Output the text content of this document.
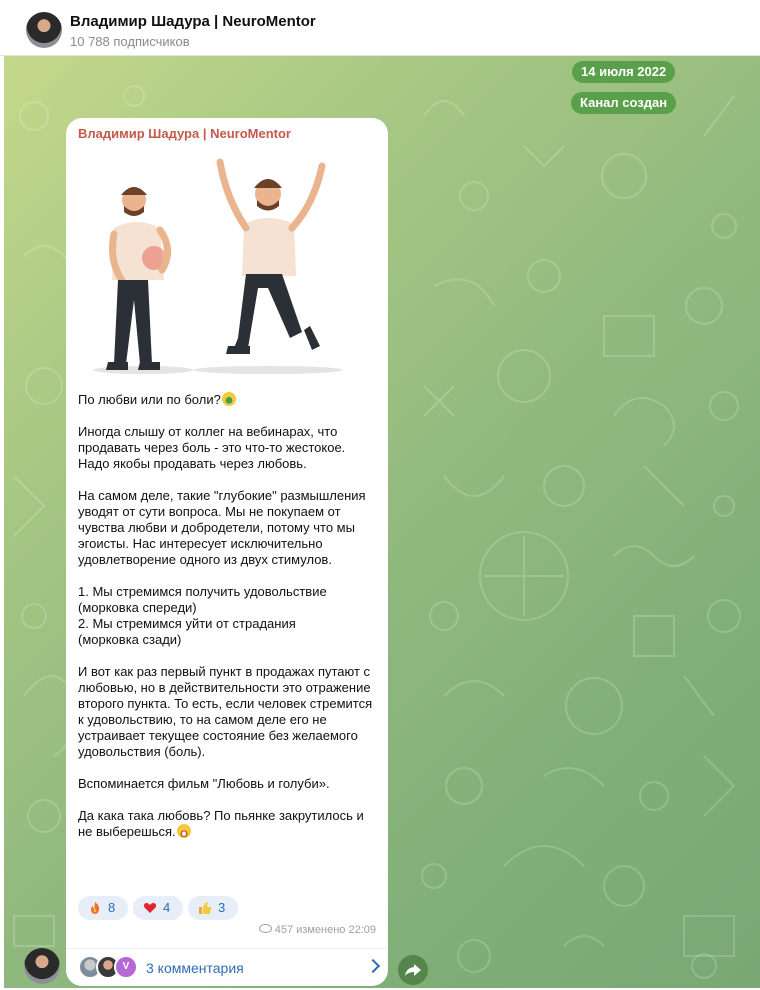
Владимир Шадура | NeuroMentor
10 788 подписчиков
14 июля 2022
Канал создан
Владимир Шадура | NeuroMentor

По любви или по боли?

Иногда слышу от коллег на вебинарах, что продавать через боль - это что-то жестокое. Надо якобы продавать через любовь.

На самом деле, такие "глубокие" размышления уводят от сути вопроса. Мы не покупаем от чувства любви и добродетели, потому что мы эгоисты. Нас интересует исключительно удовлетворение одного из двух стимулов.

1. Мы стремимся получить удовольствие
(морковка спереди)
2. Мы стремимся уйти от страдания
(морковка сзади)

И вот как раз первый пункт в продажах путают с любовью, но в действительности это отражение второго пункта. То есть, если человек стремится к удовольствию, то на самом деле его не устраивает текущее состояние без желаемого удовольствия (боль).

Вспоминается фильм "Любовь и голуби».

Да кака така любовь? По пьянке закрутилось и не выберешься.

8	4	3
457 изменено 22:09
V	3 комментария
